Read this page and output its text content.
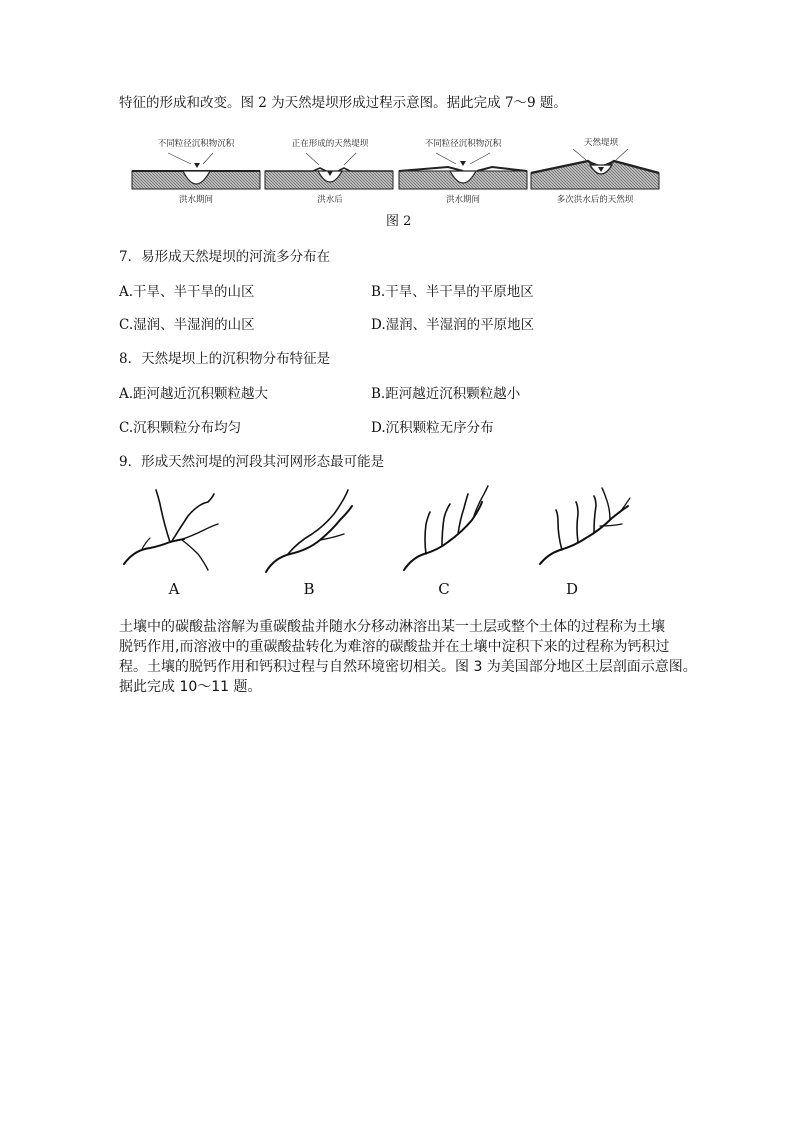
特征的形成和改变。图 2 为天然堤坝形成过程示意图。据此完成 7～9 题。
不同粒径沉积物沉积
洪水期间
正在形成的天然堤坝
洪水后
不同粒径沉积物沉积
洪水期间
天然堤坝
多次洪水后的天然坝
图 2
7．易形成天然堤坝的河流多分布在
A.干旱、半干旱的山区	B.干旱、半干旱的平原地区
C.湿润、半湿润的山区	D.湿润、半湿润的平原地区
8．天然堤坝上的沉积物分布特征是
A.距河越近沉积颗粒越大	B.距河越近沉积颗粒越小
C.沉积颗粒分布均匀	D.沉积颗粒无序分布
9．形成天然河堤的河段其河网形态最可能是
A	B	C	D
土壤中的碳酸盐溶解为重碳酸盐并随水分移动淋溶出某一土层或整个土体的过程称为土壤
脱钙作用,而溶液中的重碳酸盐转化为难溶的碳酸盐并在土壤中淀积下来的过程称为钙积过
程。土壤的脱钙作用和钙积过程与自然环境密切相关。图 3 为美国部分地区土层剖面示意图。
据此完成 10～11 题。
